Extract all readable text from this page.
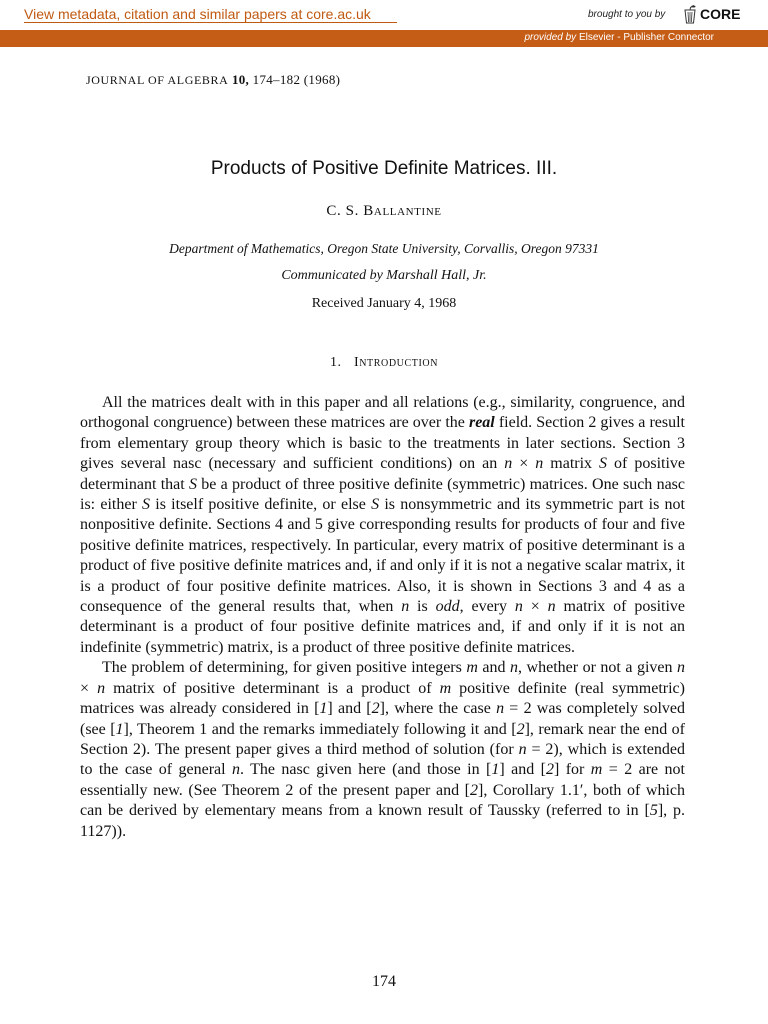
View metadata, citation and similar papers at core.ac.uk	brought to you by CORE
provided by Elsevier - Publisher Connector
JOURNAL OF ALGEBRA 10, 174–182 (1968)
Products of Positive Definite Matrices. III.
C. S. Ballantine
Department of Mathematics, Oregon State University, Corvallis, Oregon 97331
Communicated by Marshall Hall, Jr.
Received January 4, 1968
1. Introduction

All the matrices dealt with in this paper and all relations (e.g., similarity, congruence, and orthogonal congruence) between these matrices are over the real field. Section 2 gives a result from elementary group theory which is basic to the treatments in later sections. Section 3 gives several nasc (necessary and sufficient conditions) on an n × n matrix S of positive determinant that S be a product of three positive definite (symmetric) matrices. One such nasc is: either S is itself positive definite, or else S is nonsymmetric and its symmetric part is not nonpositive definite. Sections 4 and 5 give corresponding results for products of four and five positive definite matrices, respectively. In particular, every matrix of positive determinant is a product of five positive definite matrices and, if and only if it is not a negative scalar matrix, it is a product of four positive definite matrices. Also, it is shown in Sections 3 and 4 as a consequence of the general results that, when n is odd, every n × n matrix of positive determinant is a product of four positive definite matrices and, if and only if it is not an indefinite (symmetric) matrix, is a product of three positive definite matrices.

The problem of determining, for given positive integers m and n, whether or not a given n × n matrix of positive determinant is a product of m positive definite (real symmetric) matrices was already considered in [1] and [2], where the case n = 2 was completely solved (see [1], Theorem 1 and the remarks immediately following it and [2], remark near the end of Section 2). The present paper gives a third method of solution (for n = 2), which is extended to the case of general n. The nasc given here (and those in [1] and [2] for m = 2 are not essentially new. (See Theorem 2 of the present paper and [2], Corollary 1.1′, both of which can be derived by elementary means from a known result of Taussky (referred to in [5], p. 1127)).

174
